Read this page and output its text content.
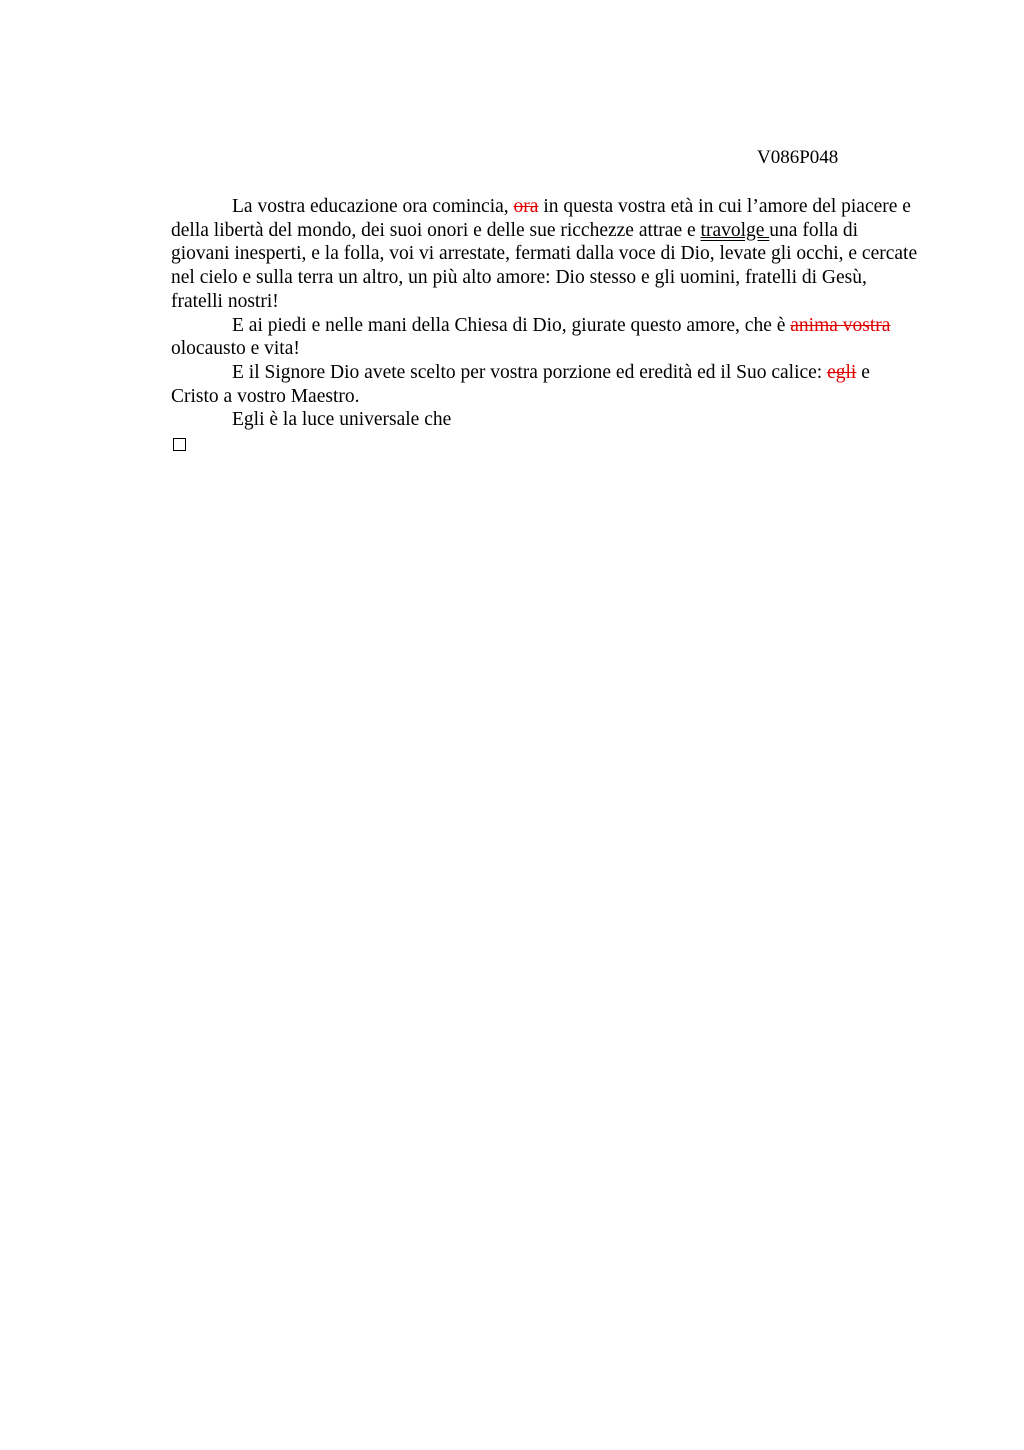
V086P048

La vostra educazione ora comincia, ora in questa vostra età in cui l’amore del piacere e della libertà del mondo, dei suoi onori e delle sue ricchezze attrae e travolge una folla di giovani inesperti, e la folla, voi vi arrestate, fermati dalla voce di Dio, levate gli occhi, e cercate nel cielo e sulla terra un altro, un più alto amore: Dio stesso e gli uomini, fratelli di Gesù, fratelli nostri!

E ai piedi e nelle mani della Chiesa di Dio, giurate questo amore, che è anima vostra olocausto e vita!

E il Signore Dio avete scelto per vostra porzione ed eredità ed il Suo calice: egli e Cristo a vostro Maestro.

Egli è la luce universale che
